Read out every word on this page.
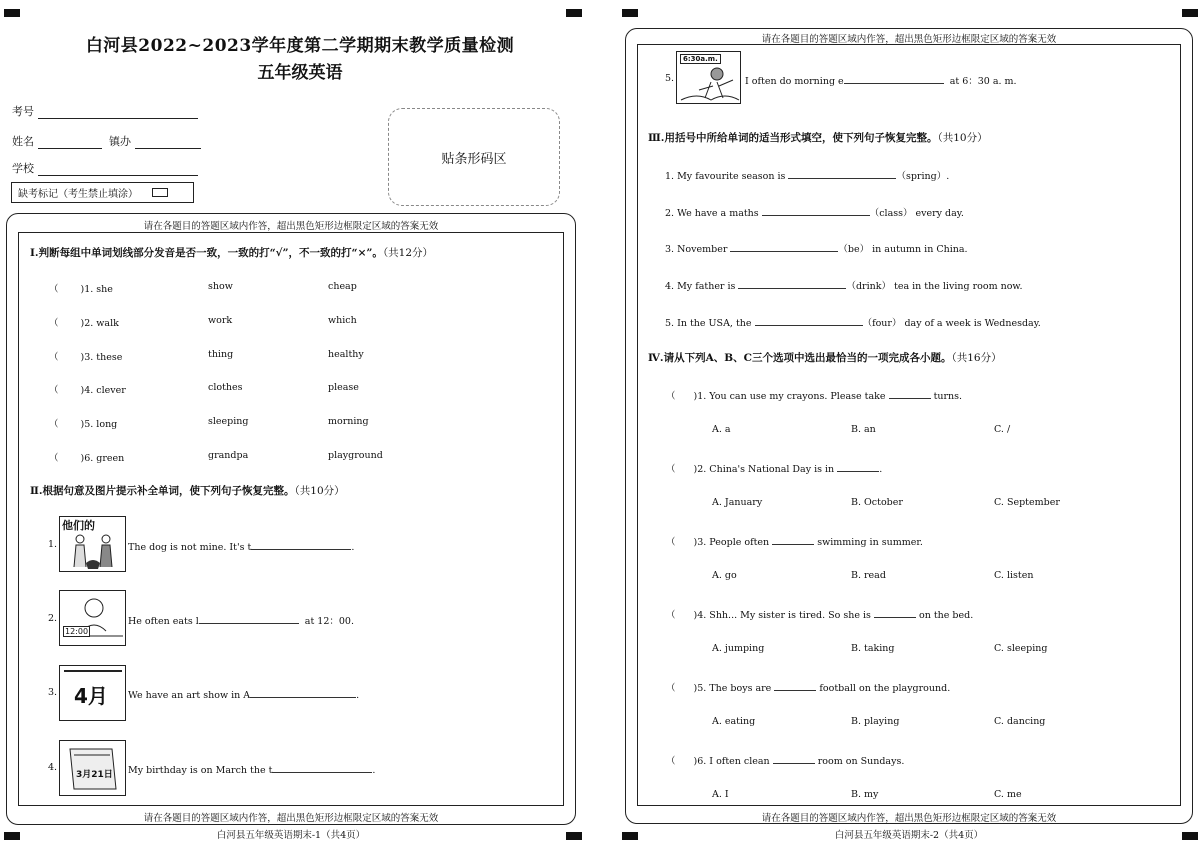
白河县2022~2023学年度第二学期期末教学质量检测
五年级英语
考号
姓名	镇办
学校
缺考标记（考生禁止填涂）
贴条形码区
请在各题目的答题区域内作答，超出黑色矩形边框限定区域的答案无效
Ⅰ.判断每组中单词划线部分发音是否一致，一致的打“√”，不一致的打“×”。（共12分）
（ )1. she	show	cheap
（ )2. walk	work	which
（ )3. these	thing	healthy
（ )4. clever	clothes	please
（ )5. long	sleeping	morning
（ )6. green	grandpa	playground
Ⅱ.根据句意及图片提示补全单词，使下列句子恢复完整。（共10分）
1.
他们的
The dog is not mine. It's t	.
2.
12:00
He often eats l	at 12：00.
3. 4月 We have an art show in A	.
4.
3月21日 My birthday is on March the t	.
请在各题目的答题区域内作答，超出黑色矩形边框限定区域的答案无效
白河县五年级英语期末-1（共4页）
请在各题目的答题区域内作答，超出黑色矩形边框限定区域的答案无效
5.
6:30a.m.
I often do morning e	at 6：30 a. m.
Ⅲ.用括号中所给单词的适当形式填空，使下列句子恢复完整。（共10分）
1. My favourite season is	（spring）.
2. We have a maths	（class） every day.
3. November	（be） in autumn in China.
4. My father is	（drink） tea in the living room now.
5. In the USA, the	（four） day of a week is Wednesday.
Ⅳ.请从下列A、B、C三个选项中选出最恰当的一项完成各小题。（共16分）
（ )1. You can use my crayons. Please take	turns.
A. a	B. an	C. /
（ )2. China's National Day is in	.
A. January	B. October	C. September
（ )3. People often	swimming in summer.
A. go	B. read	C. listen
（ )4. Shh... My sister is tired. So she is	on the bed.
A. jumping	B. taking	C. sleeping
（ )5. The boys are	football on the playground.
A. eating	B. playing	C. dancing
（ )6. I often clean	room on Sundays.
A. I	B. my	C. me
请在各题目的答题区域内作答，超出黑色矩形边框限定区域的答案无效
白河县五年级英语期末-2（共4页）
